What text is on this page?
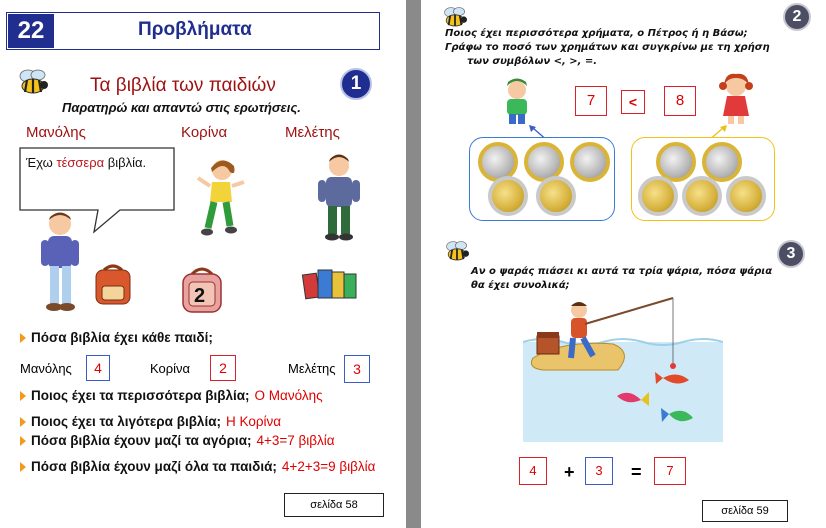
22	Προβλήματα
Τα βιβλία των παιδιών	1
Παρατηρώ και απαντώ στις ερωτήσεις.
Μανόλης	Κορίνα	Μελέτης
Έχω τέσσερα βιβλία.
2
Πόσα βιβλία έχει κάθε παιδί;
Μανόλης	4	Κορίνα	2	Μελέτης	3
Ποιος έχει τα περισσότερα βιβλία; Ο Μανόλης
Ποιος έχει τα λιγότερα βιβλία; Η Κορίνα
Πόσα βιβλία έχουν μαζί τα αγόρια; 4+3=7 βιβλία
Πόσα βιβλία έχουν μαζί όλα τα παιδιά; 4+2+3=9 βιβλία
σελίδα 58
2
Ποιος έχει περισσότερα χρήματα, ο Πέτρος ή η Βάσω;
Γράφω το ποσό των χρημάτων και συγκρίνω με τη χρήση
των συμβόλων <, >, =.
7	<	8
3
Αν ο ψαράς πιάσει κι αυτά τα τρία ψάρια, πόσα ψάρια
θα έχει συνολικά;
4	+	3	=	7
σελίδα 59
